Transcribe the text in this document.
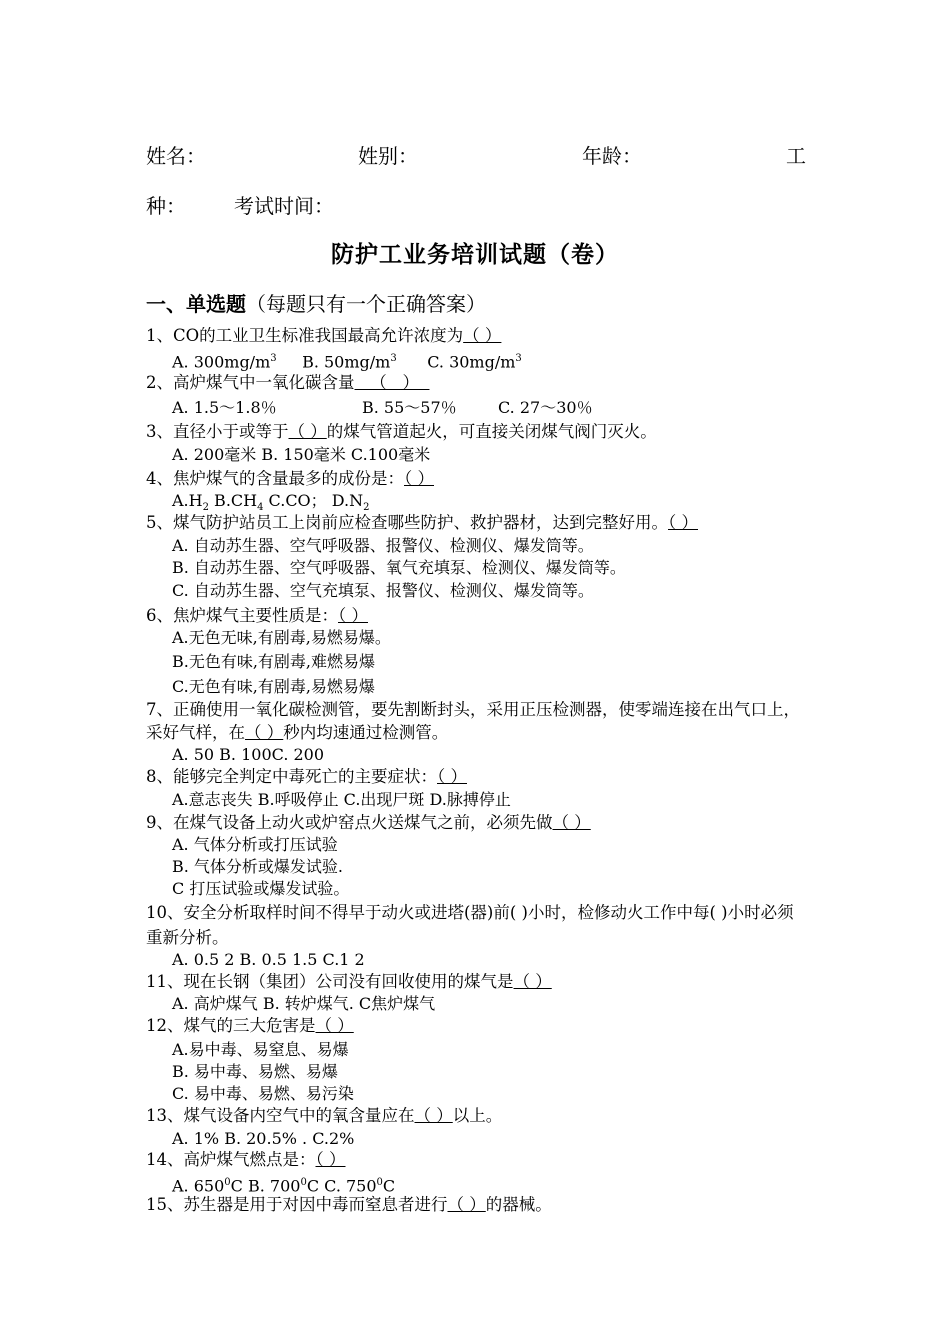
姓名：	姓别：	年龄：	工
种： 考试时间：
防护工业务培训试题（卷）
一、单选题（每题只有一个正确答案）
1、CO的工业卫生标准我国最高允许浓度为（ ）
A. $300mg/m^3$ B. $50mg/m^3$ C. $30mg/m^3$
2、高炉煤气中一氧化碳含量   （   ）
A. 1.5～1.8％	B. 55～57％	C. 27～30％
3、直径小于或等于（ ）的煤气管道起火，可直接关闭煤气阀门灭火。
A. 200毫米 B. 150毫米 C.100毫米
4、焦炉煤气的含量最多的成份是：（ ）
$A.H_2$ $B.CH_4$ C.CO； $D.N_2$
5、煤气防护站员工上岗前应检查哪些防护、救护器材，达到完整好用。（ ）
A. 自动苏生器、空气呼吸器、报警仪、检测仪、爆发筒等。
B. 自动苏生器、空气呼吸器、氧气充填泵、检测仪、爆发筒等。
C. 自动苏生器、空气充填泵、报警仪、检测仪、爆发筒等。
6、焦炉煤气主要性质是：（ ）
A.无色无味,有剧毒,易燃易爆。
B.无色有味,有剧毒,难燃易爆
C.无色有味,有剧毒,易燃易爆
7、正确使用一氧化碳检测管，要先割断封头，采用正压检测器，使零端连接在出气口上，采好气样，在（ ）秒内均速通过检测管。
A. 50 B. 100C. 200
8、能够完全判定中毒死亡的主要症状：（ ）
A.意志丧失 B.呼吸停止 C.出现尸斑 D.脉搏停止
9、在煤气设备上动火或炉窑点火送煤气之前，必须先做（ ）
A. 气体分析或打压试验
B. 气体分析或爆发试验.
C 打压试验或爆发试验。
10、安全分析取样时间不得早于动火或进塔(器)前( )小时，检修动火工作中每( )小时必须重新分析。
A. 0.5 2 B. 0.5 1.5 C.1 2
11、现在长钢（集团）公司没有回收使用的煤气是（ ）
A. 高炉煤气 B. 转炉煤气. C焦炉煤气
12、煤气的三大危害是（ ）
A.易中毒、易窒息、易爆
B. 易中毒、易燃、易爆
C. 易中毒、易燃、易污染
13、煤气设备内空气中的氧含量应在（ ）以上。
A. 1% B. 20.5% . C.2%
14、高炉煤气燃点是：（ ）
A. $650^0C$ B. $700^0C$ C. $750^0C$
15、苏生器是用于对因中毒而窒息者进行（ ）的器械。
